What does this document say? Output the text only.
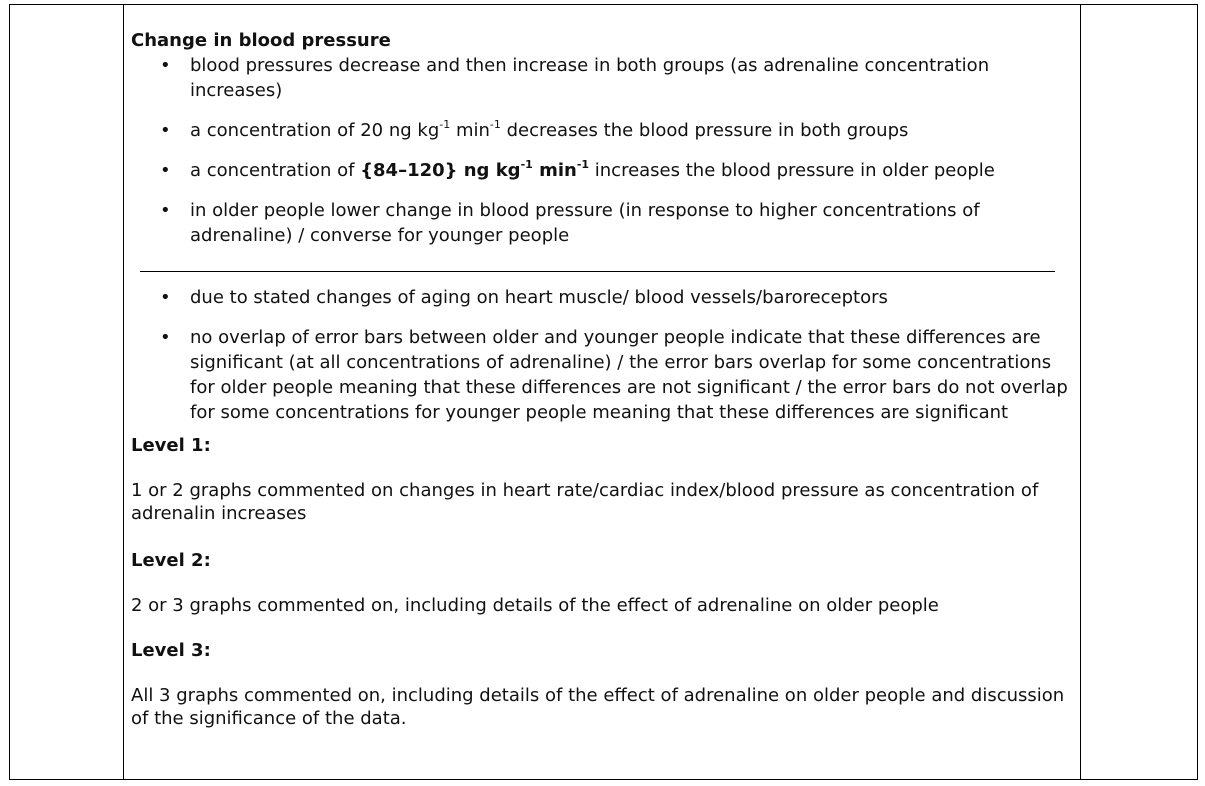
Change in blood pressure
• blood pressures decrease and then increase in both groups (as adrenaline concentration increases)
• a concentration of 20 ng $kg^{-1}$ $\min^{-1}$ decreases the blood pressure in both groups
• a concentration of {84–120} ng $kg^{-1}$ $\min^{-1}$ increases the blood pressure in older people
• in older people lower change in blood pressure (in response to higher concentrations of adrenaline) / converse for younger people
• due to stated changes of aging on heart muscle/ blood vessels/baroreceptors
• no overlap of error bars between older and younger people indicate that these differences are significant (at all concentrations of adrenaline) / the error bars overlap for some concentrations for older people meaning that these differences are not significant / the error bars do not overlap for some concentrations for younger people meaning that these differences are significant

Level 1:

1 or 2 graphs commented on changes in heart rate/cardiac index/blood pressure as concentration of adrenalin increases

Level 2:

2 or 3 graphs commented on, including details of the effect of adrenaline on older people

Level 3:

All 3 graphs commented on, including details of the effect of adrenaline on older people and discussion of the significance of the data.
